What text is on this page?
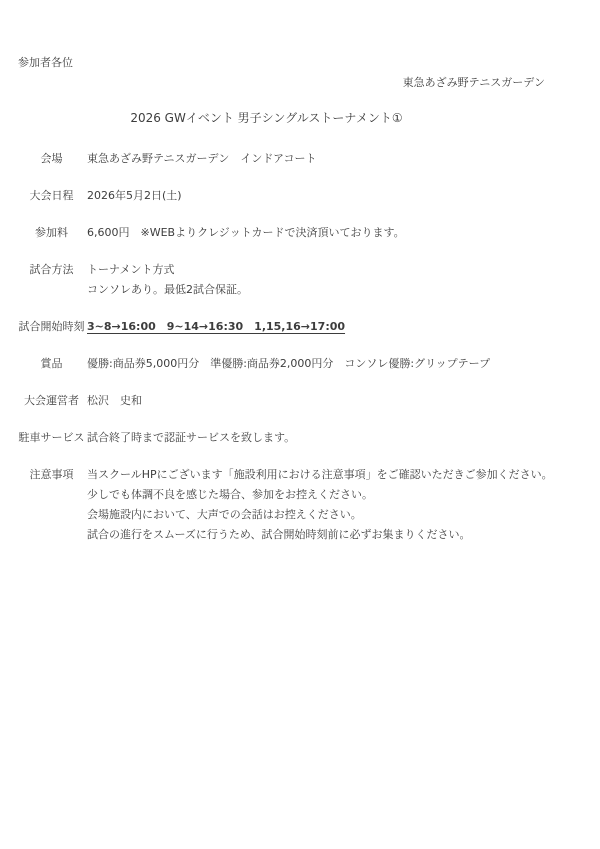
参加者各位
東急あざみ野テニスガーデン
2026 GWイベント 男子シングルストーナメント①
会場	東急あざみ野テニスガーデン　インドアコート
大会日程	2026年5月2日(土)
参加料	6,600円　※WEBよりクレジットカードで決済頂いております。
試合方法	トーナメント方式
コンソレあり。最低2試合保証。
試合開始時刻 3~8→16:00　9~14→16:30　1,15,16→17:00
賞品	優勝:商品券5,000円分　準優勝:商品券2,000円分　コンソレ優勝:グリップテープ
大会運営者 松沢　史和
駐車サービス 試合終了時まで認証サービスを致します。
注意事項	当スクールHPにございます「施設利用における注意事項」をご確認いただきご参加ください。
少しでも体調不良を感じた場合、参加をお控えください。
会場施設内において、大声での会話はお控えください。
試合の進行をスムーズに行うため、試合開始時刻前に必ずお集まりください。
